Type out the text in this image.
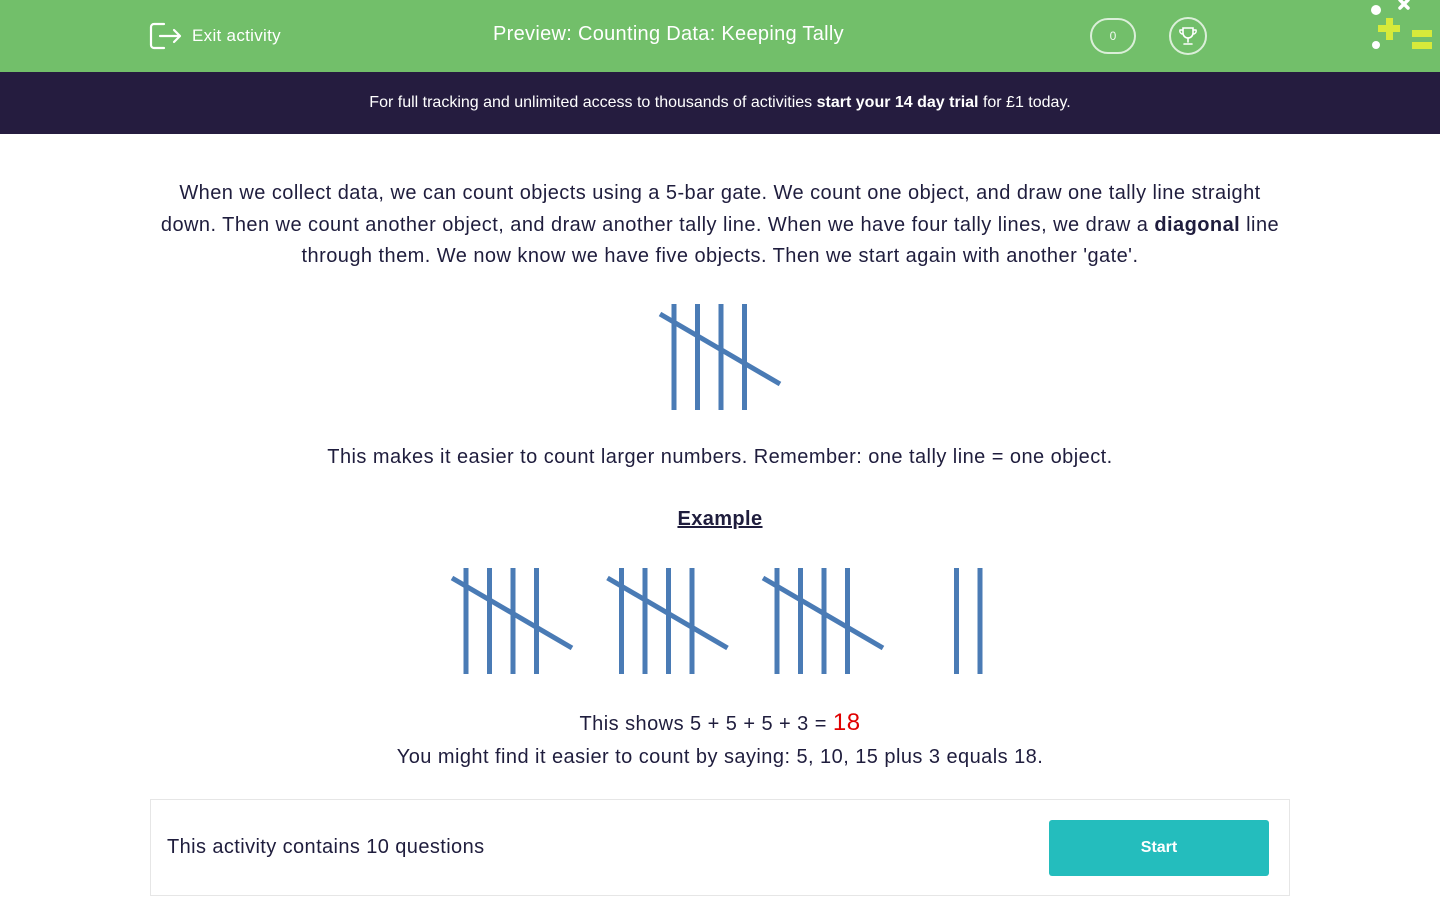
Exit activity	Preview: Counting Data: Keeping Tally	0
For full tracking and unlimited access to thousands of activities
start your 14 day trial
for £1 today.

When we collect data, we can count objects using a 5-bar gate. We count one object, and draw one tally line straight down. Then we count another object, and draw another tally line. When we have four tally lines, we draw a diagonal line through them. We now know we have five objects. Then we start again with another 'gate'.

This makes it easier to count larger numbers. Remember: one tally line = one object.

Example

This shows 5 + 5 + 5 + 3 = 18

You might find it easier to count by saying: 5, 10, 15 plus 3 equals 18.

This activity contains 10 questions	Start
